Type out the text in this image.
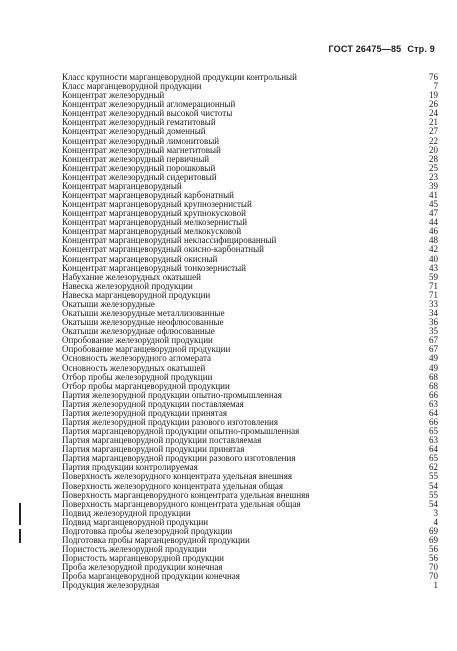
ГОСТ 26475—85 Стр. 9
Класс крупности марганцеворудной продукции контрольный	76
Класс марганцеворудной продукции	7
Концентрат железорудный	19
Концентрат железорудный агломерационный	26
Концентрат железорудный высокой чистоты	24
Концентрат железорудный гематитовый	21
Концентрат железорудный доменный	27
Концентрат железорудный лимонитовый	22
Концентрат железорудный магнетитовый	20
Концентрат железорудный первичный	28
Концентрат железорудный порошковый	25
Концентрат железорудный сидеритовый	23
Концентрат марганцеворудный	39
Концентрат марганцеворудный карбонатный	41
Концентрат марганцеворудный крупнозернистый	45
Концентрат марганцеворудный крупнокусковой	47
Концентрат марганцеворудный мелкозернистый	44
Концентрат марганцеворудный мелкокусковой	46
Концентрат марганцеворудный неклассифицированный	48
Концентрат марганцеворудный окисно-карбонатный	42
Концентрат марганцеворудный окисный	40
Концентрат марганцеворудный тонкозернистый	43
Набухание железорудных окатышей	59
Навеска железорудной продукции	71
Навеска марганцеворудной продукции	71
Окатыши железорудные	33
Окатыши железорудные металлизованные	34
Окатыши железорудные неофлюсованные	36
Окатыши железорудные офлюсованные	35
Опробование железорудной продукции	67
Опробование марганцеворудной продукции	67
Основность железорудного агломерата	49
Основность железорудных окатышей	49
Отбор пробы железорудной продукции	68
Отбор пробы марганцеворудной продукции	68
Партия железорудной продукции опытно-промышленная	66
Партия железорудной продукции поставляемая	63
Партия железорудной продукции принятая	64
Партия железорудной продукции разового изготовления	66
Партия марганцеворудной продукции опытно-промышленная	65
Партия марганцеворудной продукции поставляемая	63
Партия марганцеворудной продукции принятая	64
Партия марганцеворудной продукции разового изготовления	65
Партия продукции контролируемая	62
Поверхность железорудного концентрата удельная внешняя	55
Поверхность железорудного концентрата удельная общая	54
Поверхность марганцеворудного концентрата удельная внешняя	55
Поверхность марганцеворудного концентрата удельная общая	54
Подвид железорудной продукции	3
Подвид марганцеворудной продукции	4
Подготовка пробы железорудной продукции	69
Подготовка пробы марганцеворудной продукции	69
Пористость железорудной продукции	56
Пористость марганцеворудной продукции	56
Проба железорудной продукции конечная	70
Проба марганцеворудной продукции конечная	70
Продукция железорудная	1
